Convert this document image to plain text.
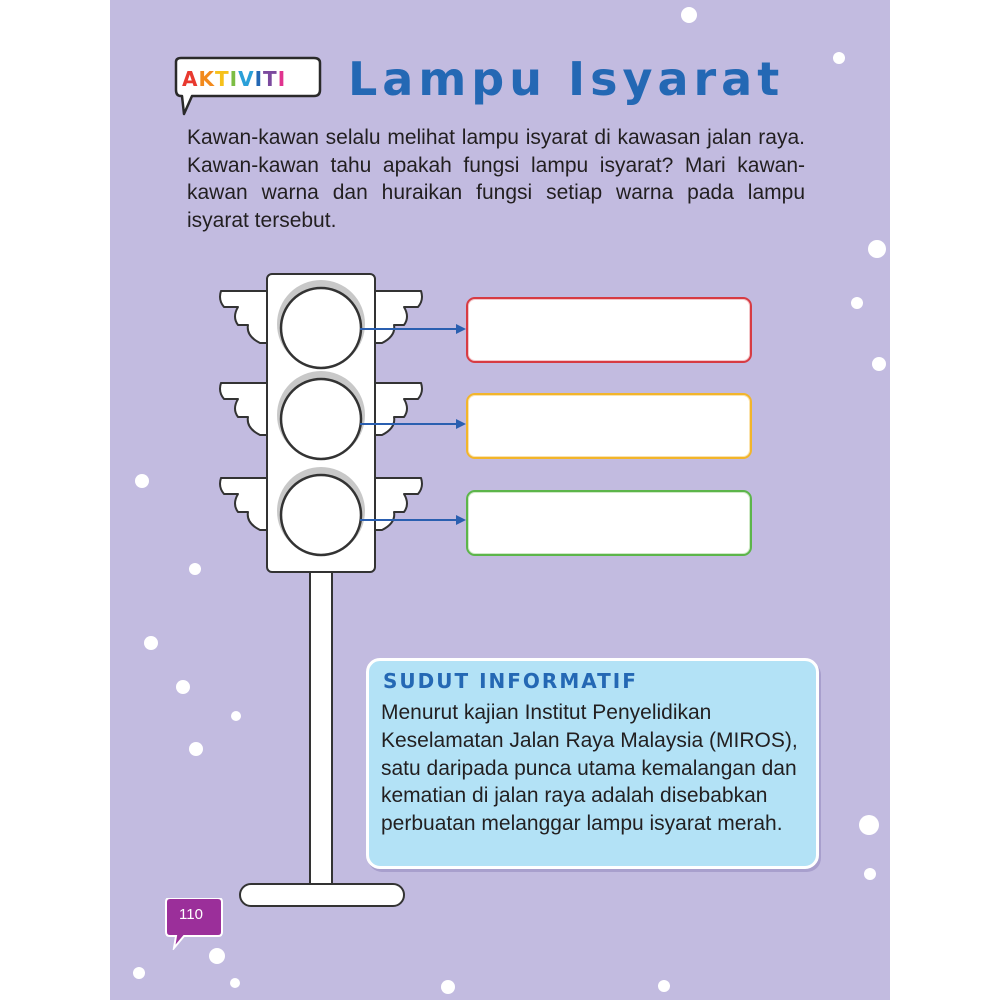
A K T I V I T I Lampu Isyarat

Kawan-kawan selalu melihat lampu isyarat di kawasan jalan raya. Kawan-kawan tahu apakah fungsi lampu isyarat? Mari kawan-kawan warna dan huraikan fungsi setiap warna pada lampu isyarat tersebut.

SUDUT INFORMATIF

Menurut kajian Institut Penyelidikan Keselamatan Jalan Raya Malaysia (MIROS), satu daripada punca utama kemalangan dan kematian di jalan raya adalah disebabkan perbuatan melanggar lampu isyarat merah.

110
